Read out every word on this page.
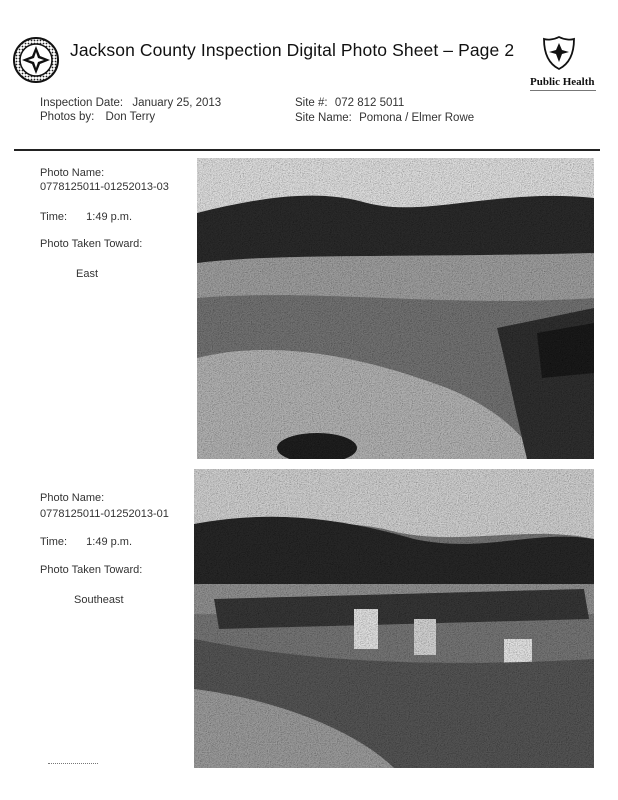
Jackson County Inspection Digital Photo Sheet – Page 2
Public Health
Inspection Date: January 25, 2013
Photos by: Don Terry
Site #: 072 812 5011
Site Name: Pomona / Elmer Rowe
Photo Name:
0778125011-01252013-03
Time: 1:49 p.m.
Photo Taken Toward:
East
Photo Name:
0778125011-01252013-01
Time: 1:49 p.m.
Photo Taken Toward:
Southeast
